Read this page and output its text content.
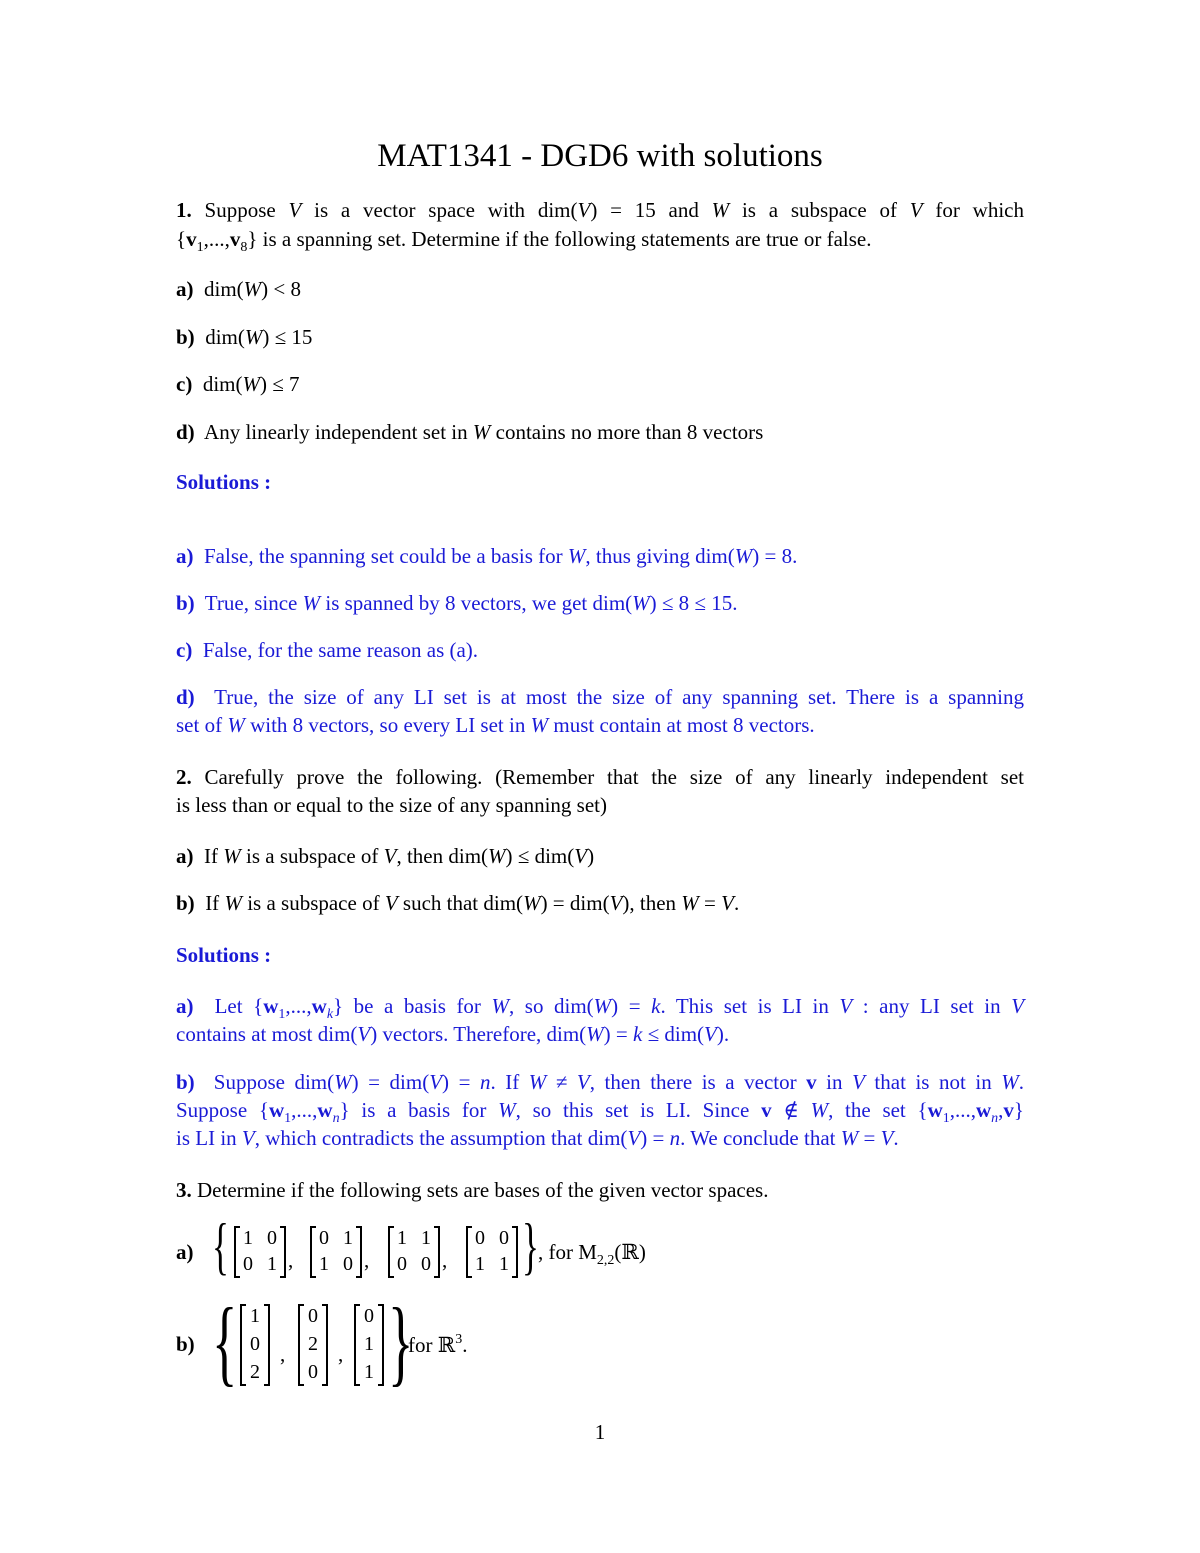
MAT1341 - DGD6 with solutions
1. Suppose V is a vector space with dim(V) = 15 and W is a subspace of V for which
$\{v_1,...,v_8\}$ is a spanning set. Determine if the following statements are true or false.
a)  dim(W) < 8
b)  dim(W) ≤ 15
c)  dim(W) ≤ 7
d)  Any linearly independent set in W contains no more than 8 vectors
Solutions :
a)  False, the spanning set could be a basis for W, thus giving dim(W) = 8.
b)  True, since W is spanned by 8 vectors, we get dim(W) ≤ 8 ≤ 15.
c)  False, for the same reason as (a).
d)  True, the size of any LI set is at most the size of any spanning set. There is a spanning
set of W with 8 vectors, so every LI set in W must contain at most 8 vectors.
2. Carefully prove the following. (Remember that the size of any linearly independent set
is less than or equal to the size of any spanning set)
a)  If W is a subspace of V, then dim(W) ≤ dim(V)
b)  If W is a subspace of V such that dim(W) = dim(V), then W = V.
Solutions :
a)  Let $\{w_1,...,w_k\}$ be a basis for W, so dim(W) = k. This set is LI in V : any LI set in V
contains at most dim(V) vectors. Therefore, dim(W) = k ≤ dim(V).
b)  Suppose dim(W) = dim(V) = n. If W ≠ V, then there is a vector v in V that is not in W.
Suppose $\{w_1,...,w_n\}$ is a basis for W, so this set is LI. Since v ∉ W, the set $\{w_1,...,w_n,v\}$
is LI in V, which contradicts the assumption that dim(V) = n. We conclude that W = V.
3. Determine if the following sets are bases of the given vector spaces.
a) { 1 0
0 1 ,
0 1
1 0 ,
1 1
0 0 ,
0 0
1 1 } , for $M_{2,2}(ℝ)$
b) { 1
0
2
,
0
2
0
,
0
1
1 }
for ℝ$^3$.
1
